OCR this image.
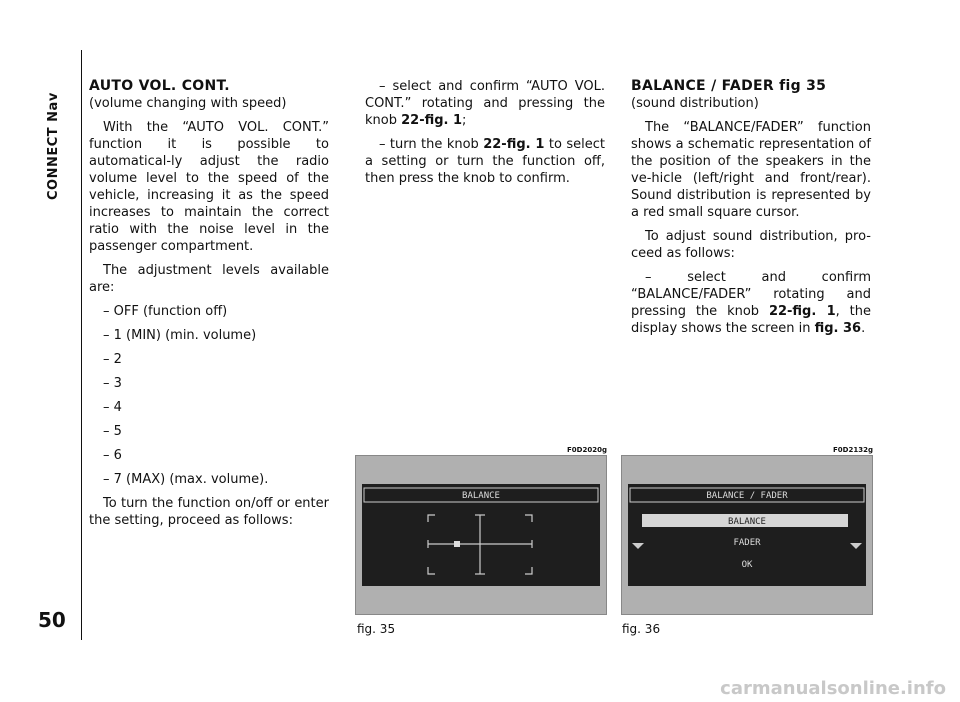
CONNECT Nav
50
AUTO VOL. CONT.

(volume changing with speed)

With the “AUTO VOL. CONT.” function it is possible to automatical-ly adjust the radio volume level to the speed of the vehicle, increasing it as the speed increases to maintain the correct ratio with the noise level in the passenger compartment.

The adjustment levels available are:

– OFF (function off)

– 1 (MIN) (min. volume)

– 2

– 3

– 4

– 5

– 6

– 7 (MAX) (max. volume).

To turn the function on/off or enter the setting, proceed as follows:

– select and confirm “AUTO VOL. CONT.” rotating and pressing the knob 22-fig. 1;

– turn the knob 22-fig. 1 to select a setting or turn the function off, then press the knob to confirm.

BALANCE / FADER fig 35

(sound distribution)

The “BALANCE/FADER” function shows a schematic representation of the position of the speakers in the ve-hicle (left/right and front/rear). Sound distribution is represented by a red small square cursor.

To adjust sound distribution, pro-ceed as follows:

– select and confirm “BALANCE/FADER” rotating and pressing the knob 22-fig. 1, the display shows the screen in fig. 36.

F0D2020g
BALANCE
fig. 35
F0D2132g
BALANCE / FADER
BALANCE
FADER
OK
fig. 36
carmanualsonline.info
